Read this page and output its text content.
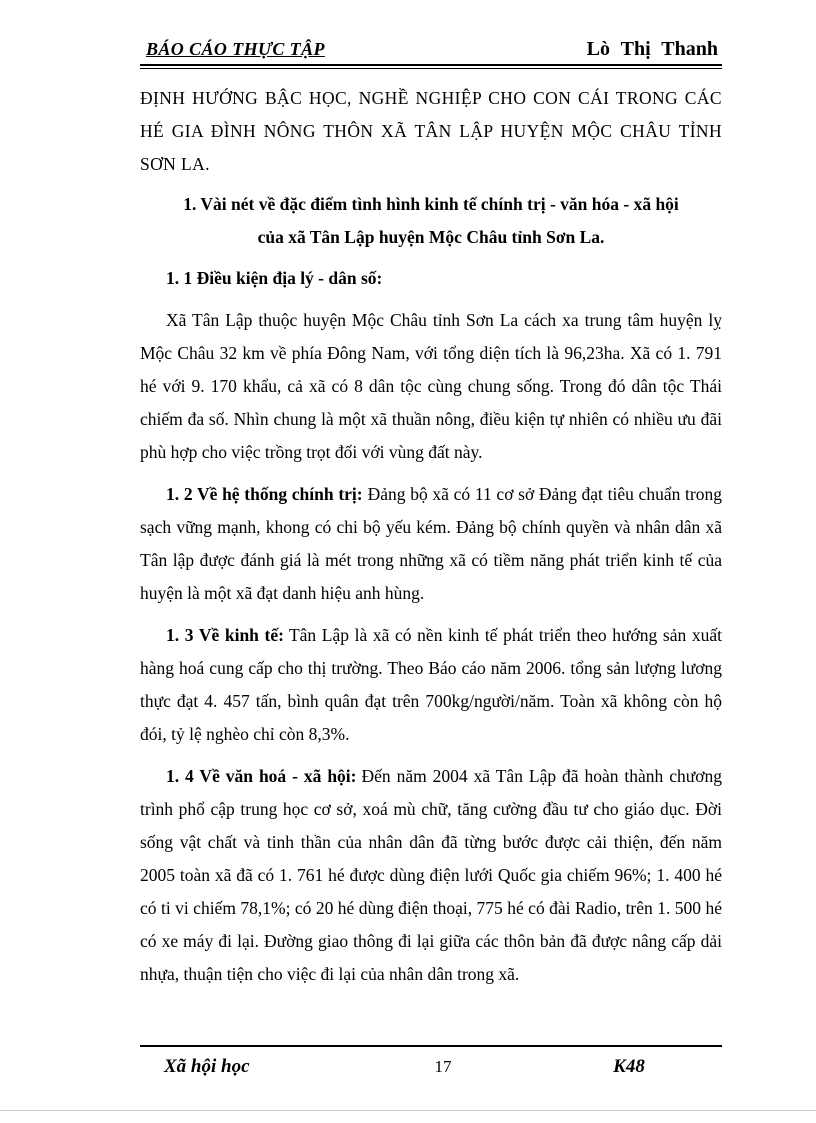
BÁO CÁO THỰC TẬP	Lò Thị Thanh

ĐỊNH HƯỚNG BẬC HỌC, NGHỀ NGHIỆP CHO CON CÁI TRONG CÁC HÉ GIA ĐÌNH NÔNG THÔN XÃ TÂN LẬP HUYỆN MỘC CHÂU TỈNH SƠN LA.

1. Vài nét về đặc điểm tình hình kinh tế chính trị - văn hóa - xã hội
của xã Tân Lập huyện Mộc Châu tỉnh Sơn La.

1. 1 Điều kiện địa lý - dân số:

Xã Tân Lập thuộc huyện Mộc Châu tỉnh Sơn La cách xa trung tâm huyện lỵ Mộc Châu 32 km về phía Đông Nam, với tổng diện tích là 96,23ha. Xã có 1. 791 hé với 9. 170 khẩu, cả xã có 8 dân tộc cùng chung sống. Trong đó dân tộc Thái chiếm đa số. Nhìn chung là một xã thuần nông, điều kiện tự nhiên có nhiều ưu đãi phù hợp cho việc trồng trọt đối với vùng đất này.

1. 2 Về hệ thống chính trị: Đảng bộ xã có 11 cơ sở Đảng đạt tiêu chuẩn trong sạch vững mạnh, khong có chi bộ yếu kém. Đảng bộ chính quyền và nhân dân xã Tân lập được đánh giá là mét trong những xã có tiềm năng phát triển kinh tế của huyện là một xã đạt danh hiệu anh hùng.

1. 3 Về kinh tế: Tân Lập là xã có nền kinh tế phát triển theo hướng sản xuất hàng hoá cung cấp cho thị trường. Theo Báo cáo năm 2006. tổng sản lượng lương thực đạt 4. 457 tấn, bình quân đạt trên 700kg/người/năm. Toàn xã không còn hộ đói, tỷ lệ nghèo chỉ còn 8,3%.

1. 4 Về văn hoá - xã hội: Đến năm 2004 xã Tân Lập đã hoàn thành chương trình phổ cập trung học cơ sở, xoá mù chữ, tăng cường đầu tư cho giáo dục. Đời sống vật chất và tinh thần của nhân dân đã từng bước được cải thiện, đến năm 2005 toàn xã đã có 1. 761 hé được dùng điện lưới Quốc gia chiếm 96%; 1. 400 hé có ti vi chiếm 78,1%; có 20 hé dùng điện thoại, 775 hé có đài Radio, trên 1. 500 hé có xe máy đi lại. Đường giao thông đi lại giữa các thôn bản đã được nâng cấp dải nhựa, thuận tiện cho việc đi lại của nhân dân trong xã.

Xã hội học	17	K48
